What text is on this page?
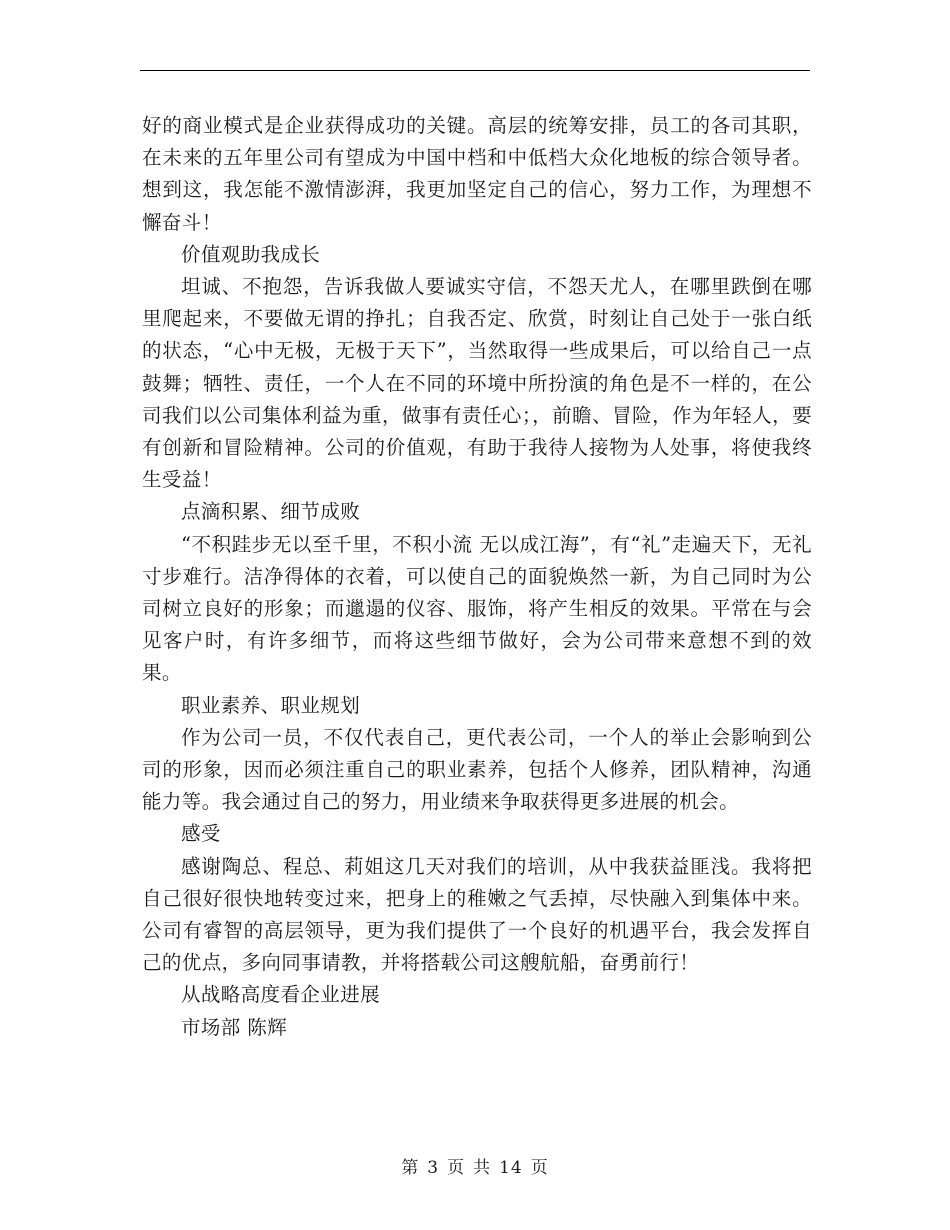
好的商业模式是企业获得成功的关键。高层的统筹安排，员工的各司其职，在未来的五年里公司有望成为中国中档和中低档大众化地板的综合领导者。想到这，我怎能不激情澎湃，我更加坚定自己的信心，努力工作，为理想不懈奋斗！

价值观助我成长

坦诚、不抱怨，告诉我做人要诚实守信，不怨天尤人，在哪里跌倒在哪里爬起来，不要做无谓的挣扎；自我否定、欣赏，时刻让自己处于一张白纸的状态，“心中无极，无极于天下”，当然取得一些成果后，可以给自己一点鼓舞；牺牲、责任，一个人在不同的环境中所扮演的角色是不一样的，在公司我们以公司集体利益为重，做事有责任心；，前瞻、冒险，作为年轻人，要有创新和冒险精神。公司的价值观，有助于我待人接物为人处事，将使我终生受益！

点滴积累、细节成败

“不积跬步无以至千里，不积小流 无以成江海”，有“礼”走遍天下，无礼寸步难行。洁净得体的衣着，可以使自己的面貌焕然一新，为自己同时为公司树立良好的形象；而邋遢的仪容、服饰，将产生相反的效果。平常在与会见客户时，有许多细节，而将这些细节做好，会为公司带来意想不到的效果。

职业素养、职业规划

作为公司一员，不仅代表自己，更代表公司，一个人的举止会影响到公司的形象，因而必须注重自己的职业素养，包括个人修养，团队精神，沟通能力等。我会通过自己的努力，用业绩来争取获得更多进展的机会。

感受

感谢陶总、程总、莉姐这几天对我们的培训，从中我获益匪浅。我将把自己很好很快地转变过来，把身上的稚嫩之气丢掉，尽快融入到集体中来。公司有睿智的高层领导，更为我们提供了一个良好的机遇平台，我会发挥自己的优点，多向同事请教，并将搭载公司这艘航船，奋勇前行！

从战略高度看企业进展

市场部 陈辉

第 3 页 共 14 页
